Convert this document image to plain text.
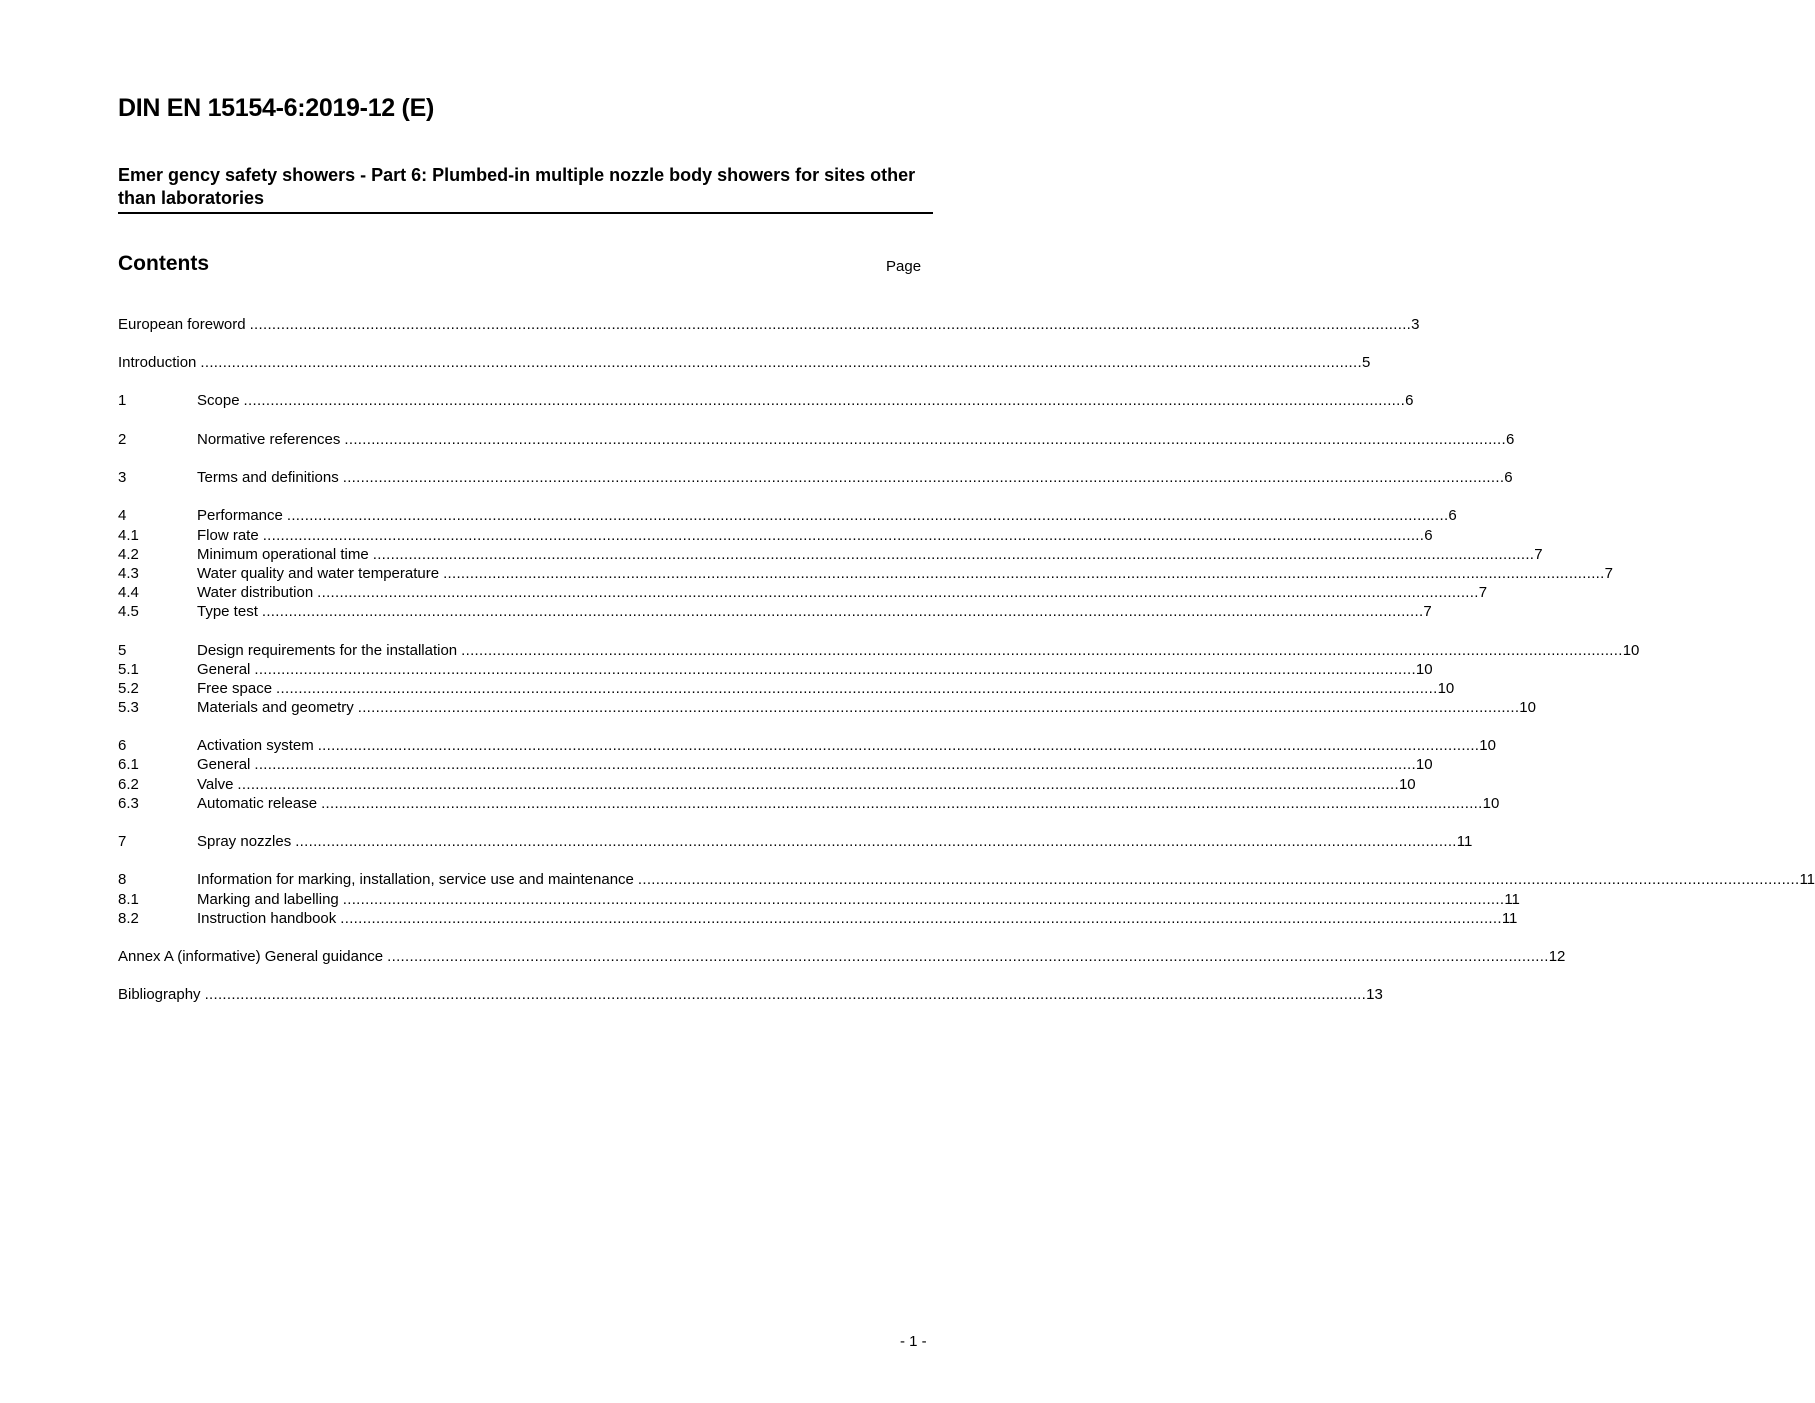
DIN EN 15154-6:2019-12 (E)
Emer gency safety showers - Part 6: Plumbed-in multiple nozzle body showers for sites other than laboratories
Contents	Page
European foreword .................................................................................................................................................................................................................................................................... 3
Introduction .................................................................................................................................................................................................................................................................... 5
1	Scope .................................................................................................................................................................................................................................................................... 6
2	Normative references .................................................................................................................................................................................................................................................................... 6
3	Terms and definitions .................................................................................................................................................................................................................................................................... 6
4	Performance .................................................................................................................................................................................................................................................................... 6
4.1	Flow rate .................................................................................................................................................................................................................................................................... 6
4.2	Minimum operational time .................................................................................................................................................................................................................................................................... 7
4.3	Water quality and water temperature .................................................................................................................................................................................................................................................................... 7
4.4	Water distribution .................................................................................................................................................................................................................................................................... 7
4.5	Type test .................................................................................................................................................................................................................................................................... 7
5	Design requirements for the installation .................................................................................................................................................................................................................................................................... 10
5.1	General .................................................................................................................................................................................................................................................................... 10
5.2	Free space .................................................................................................................................................................................................................................................................... 10
5.3	Materials and geometry .................................................................................................................................................................................................................................................................... 10
6	Activation system .................................................................................................................................................................................................................................................................... 10
6.1	General .................................................................................................................................................................................................................................................................... 10
6.2	Valve .................................................................................................................................................................................................................................................................... 10
6.3	Automatic release .................................................................................................................................................................................................................................................................... 10
7	Spray nozzles .................................................................................................................................................................................................................................................................... 11
8	Information for marking, installation, service use and maintenance .................................................................................................................................................................................................................................................................... 11
8.1	Marking and labelling .................................................................................................................................................................................................................................................................... 11
8.2	Instruction handbook .................................................................................................................................................................................................................................................................... 11
Annex A (informative) General guidance .................................................................................................................................................................................................................................................................... 12
Bibliography .................................................................................................................................................................................................................................................................... 13
- 1 -
